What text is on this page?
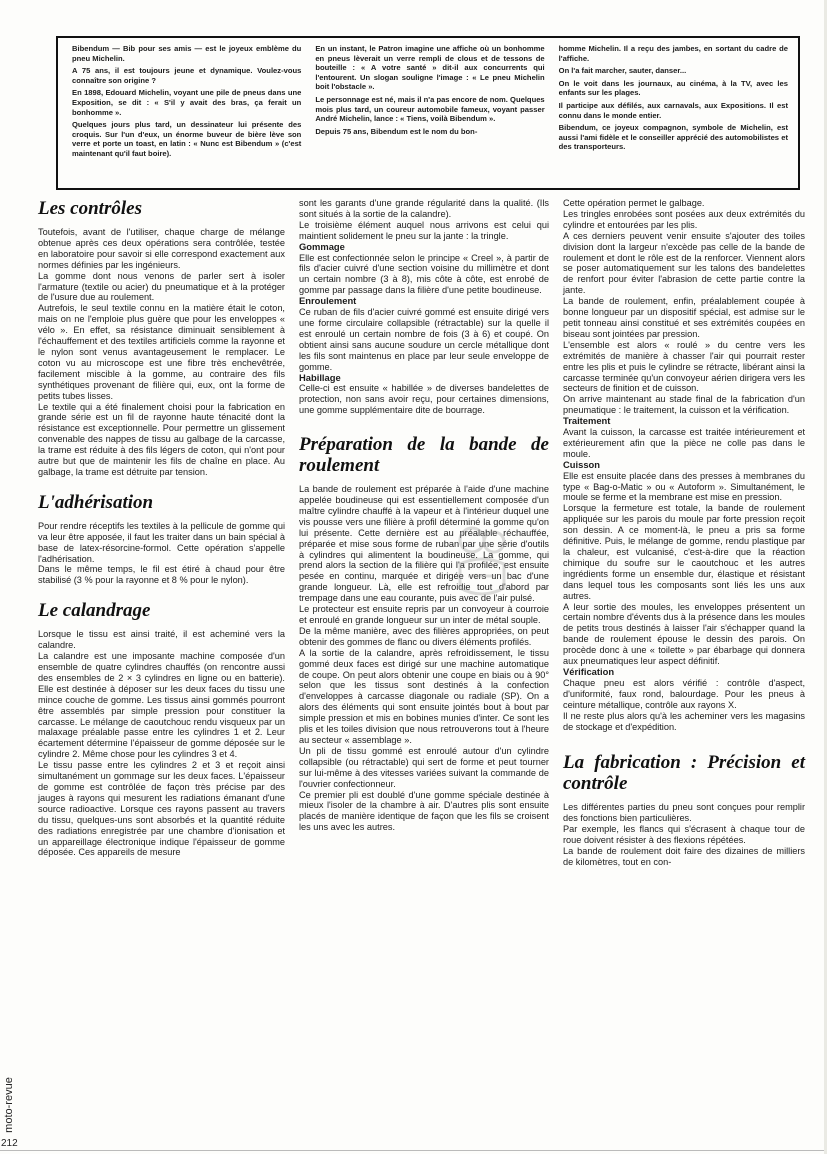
Bibendum — Bib pour ses amis — est le joyeux emblème du pneu Michelin.

A 75 ans, il est toujours jeune et dynamique. Voulez-vous connaître son origine ?

En 1898, Edouard Michelin, voyant une pile de pneus dans une Exposition, se dit : « S'il y avait des bras, ça ferait un bonhomme ».

Quelques jours plus tard, un dessinateur lui présente des croquis. Sur l'un d'eux, un énorme buveur de bière lève son verre et porte un toast, en latin : « Nunc est Bibendum » (c'est maintenant qu'il faut boire).

En un instant, le Patron imagine une affiche où un bonhomme en pneus lèverait un verre rempli de clous et de tessons de bouteille : « A votre santé » dit-il aux concurrents qui l'entourent. Un slogan souligne l'image : « Le pneu Michelin boit l'obstacle ».

Le personnage est né, mais il n'a pas encore de nom. Quelques mois plus tard, un coureur automobile fameux, voyant passer André Michelin, lance : « Tiens, voilà Bibendum ».

Depuis 75 ans, Bibendum est le nom du bon-

homme Michelin. Il a reçu des jambes, en sortant du cadre de l'affiche.

On l'a fait marcher, sauter, danser...

On le voit dans les journaux, au cinéma, à la TV, avec les enfants sur les plages.

Il participe aux défilés, aux carnavals, aux Expositions. Il est connu dans le monde entier.

Bibendum, ce joyeux compagnon, symbole de Michelin, est aussi l'ami fidèle et le conseiller apprécié des automobilistes et des transporteurs.

Les contrôles

Toutefois, avant de l'utiliser, chaque charge de mélange obtenue après ces deux opérations sera contrôlée, testée en laboratoire pour savoir si elle correspond exactement aux normes définies par les ingénieurs.

La gomme dont nous venons de parler sert à isoler l'armature (textile ou acier) du pneumatique et à la protéger de l'usure due au roulement.

Autrefois, le seul textile connu en la matière était le coton, mais on ne l'emploie plus guère que pour les enveloppes « vélo ». En effet, sa résistance diminuait sensiblement à l'échauffement et des textiles artificiels comme la rayonne et le nylon sont venus avantageusement le remplacer. Le coton vu au microscope est une fibre très enchevêtrée, facilement miscible à la gomme, au contraire des fils synthétiques provenant de filière qui, eux, ont la forme de petits tubes lisses.

Le textile qui a été finalement choisi pour la fabrication en grande série est un fil de rayonne haute ténacité dont la résistance est exceptionnelle. Pour permettre un glissement convenable des nappes de tissu au galbage de la carcasse, la trame est réduite à des fils légers de coton, qui n'ont pour autre but que de maintenir les fils de chaîne en place. Au galbage, la trame est détruite par tension.

L'adhérisation

Pour rendre réceptifs les textiles à la pellicule de gomme qui va leur être apposée, il faut les traiter dans un bain spécial à base de latex-résorcine-formol. Cette opération s'appelle l'adhérisation.

Dans le même temps, le fil est étiré à chaud pour être stabilisé (3 % pour la rayonne et 8 % pour le nylon).

Le calandrage

Lorsque le tissu est ainsi traité, il est acheminé vers la calandre.

La calandre est une imposante machine composée d'un ensemble de quatre cylindres chauffés (on rencontre aussi des ensembles de 2 × 3 cylindres en ligne ou en batterie). Elle est destinée à déposer sur les deux faces du tissu une mince couche de gomme. Les tissus ainsi gommés pourront être assemblés par simple pression pour constituer la carcasse. Le mélange de caoutchouc rendu visqueux par un malaxage préalable passe entre les cylindres 1 et 2. Leur écartement détermine l'épaisseur de gomme déposée sur le cylindre 2. Même chose pour les cylindres 3 et 4.

Le tissu passe entre les cylindres 2 et 3 et reçoit ainsi simultanément un gommage sur les deux faces. L'épaisseur de gomme est contrôlée de façon très précise par des jauges à rayons qui mesurent les radiations émanant d'une source radioactive. Lorsque ces rayons passent au travers du tissu, quelques-uns sont absorbés et la quantité réduite des radiations enregistrée par une chambre d'ionisation et un appareillage électronique indique l'épaisseur de gomme déposée. Ces appareils de mesure

sont les garants d'une grande régularité dans la qualité. (Ils sont situés à la sortie de la calandre).

Le troisième élément auquel nous arrivons est celui qui maintient solidement le pneu sur la jante : la tringle.

Gommage

Elle est confectionnée selon le principe « Creel », à partir de fils d'acier cuivré d'une section voisine du millimètre et dont un certain nombre (3 à 8), mis côte à côte, est enrobé de gomme par passage dans la filière d'une petite boudineuse.

Enroulement

Ce ruban de fils d'acier cuivré gommé est ensuite dirigé vers une forme circulaire collapsible (rétractable) sur la quelle il est enroulé un certain nombre de fois (3 à 6) et coupé. On obtient ainsi sans aucune soudure un cercle métallique dont les fils sont maintenus en place par leur seule enveloppe de gomme.

Habillage

Celle-ci est ensuite « habillée » de diverses bandelettes de protection, non sans avoir reçu, pour certaines dimensions, une gomme supplémentaire dite de bourrage.

Préparation de la bande de roulement

La bande de roulement est préparée à l'aide d'une machine appelée boudineuse qui est essentiellement composée d'un maître cylindre chauffé à la vapeur et à l'intérieur duquel une vis pousse vers une filière à profil déterminé la gomme qu'on lui présente. Cette dernière est au préalable réchauffée, préparée et mise sous forme de ruban par une série d'outils à cylindres qui alimentent la boudineuse. La gomme, qui prend alors la section de la filière qui l'a profilée, est ensuite pesée en continu, marquée et dirigée vers un bac d'une grande longueur. Là, elle est refroidie tout d'abord par trempage dans une eau courante, puis avec de l'air pulsé.

Le protecteur est ensuite repris par un convoyeur à courroie et enroulé en grande longueur sur un inter de métal souple.

De la même manière, avec des filières appropriées, on peut obtenir des gommes de flanc ou divers éléments profilés.

A la sortie de la calandre, après refroidissement, le tissu gommé deux faces est dirigé sur une machine automatique de coupe. On peut alors obtenir une coupe en biais ou à 90° selon que les tissus sont destinés à la confection d'enveloppes à carcasse diagonale ou radiale (SP). On a alors des éléments qui sont ensuite jointés bout à bout par simple pression et mis en bobines munies d'inter. Ce sont les plis et les toiles division que nous retrouverons tout à l'heure au secteur « assemblage ».

Un pli de tissu gommé est enroulé autour d'un cylindre collapsible (ou rétractable) qui sert de forme et peut tourner sur lui-même à des vitesses variées suivant la commande de l'ouvrier confectionneur.

Ce premier pli est doublé d'une gomme spéciale destinée à mieux l'isoler de la chambre à air. D'autres plis sont ensuite placés de manière identique de façon que les fils se croisent les uns avec les autres.

Cette opération permet le galbage.

Les tringles enrobées sont posées aux deux extrémités du cylindre et entourées par les plis.

A ces derniers peuvent venir ensuite s'ajouter des toiles division dont la largeur n'excède pas celle de la bande de roulement et dont le rôle est de la renforcer. Viennent alors se poser automatiquement sur les talons des bandelettes de renfort pour éviter l'abrasion de cette partie contre la jante.

La bande de roulement, enfin, préalablement coupée à bonne longueur par un dispositif spécial, est admise sur le petit tonneau ainsi constitué et ses extrémités coupées en biseau sont jointées par pression.

L'ensemble est alors « roulé » du centre vers les extrémités de manière à chasser l'air qui pourrait rester entre les plis et puis le cylindre se rétracte, libérant ainsi la carcasse terminée qu'un convoyeur aérien dirigera vers les secteurs de finition et de cuisson.

On arrive maintenant au stade final de la fabrication d'un pneumatique : le traitement, la cuisson et la vérification.

Traitement

Avant la cuisson, la carcasse est traitée intérieurement et extérieurement afin que la pièce ne colle pas dans le moule.

Cuisson

Elle est ensuite placée dans des presses à membranes du type « Bag-o-Matic » ou « Autoform ». Simultanément, le moule se ferme et la membrane est mise en pression.

Lorsque la fermeture est totale, la bande de roulement appliquée sur les parois du moule par forte pression reçoit son dessin. A ce moment-là, le pneu a pris sa forme définitive. Puis, le mélange de gomme, rendu plastique par la chaleur, est vulcanisé, c'est-à-dire que la réaction chimique du soufre sur le caoutchouc et les autres ingrédients forme un ensemble dur, élastique et résistant dans lequel tous les composants sont liés les uns aux autres.

A leur sortie des moules, les enveloppes présentent un certain nombre d'évents dus à la présence dans les moules de petits trous destinés à laisser l'air s'échapper quand la bande de roulement épouse le dessin des parois. On procède donc à une « toilette » par ébarbage qui donnera aux pneumatiques leur aspect définitif.

Vérification

Chaque pneu est alors vérifié : contrôle d'aspect, d'uniformité, faux rond, balourdage. Pour les pneus à ceinture métallique, contrôle aux rayons X.

Il ne reste plus alors qu'à les acheminer vers les magasins de stockage et d'expédition.

La fabrication : Précision et contrôle

Les différentes parties du pneu sont conçues pour remplir des fonctions bien particulières.

Par exemple, les flancs qui s'écrasent à chaque tour de roue doivent résister à des flexions répétées.

La bande de roulement doit faire des dizaines de milliers de kilomètres, tout en con-

moto-revue
212
